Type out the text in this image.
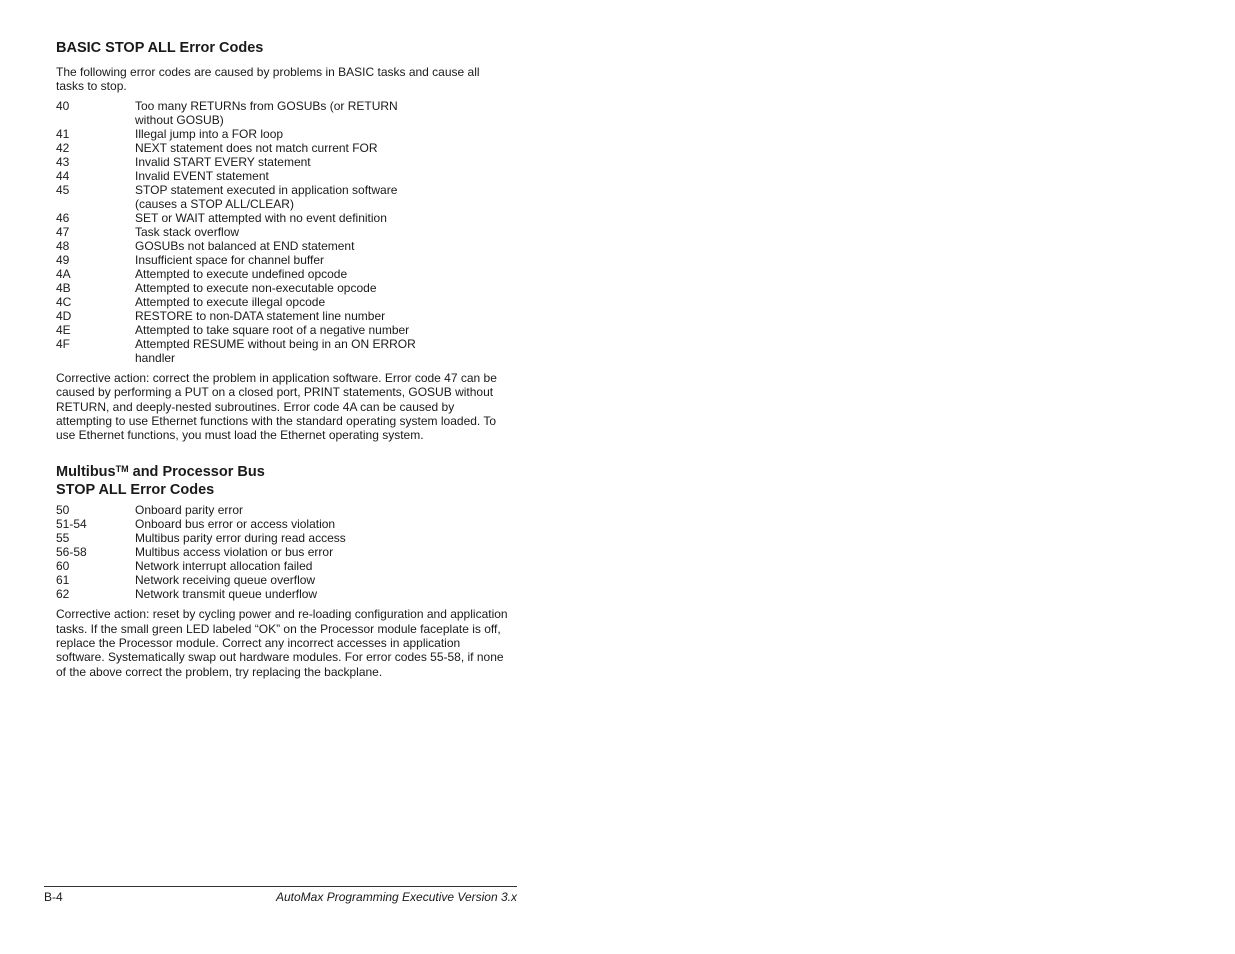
BASIC STOP ALL Error Codes

The following error codes are caused by problems in BASIC tasks and cause all tasks to stop.

40	Too many RETURNs from GOSUBs (or RETURN without GOSUB)
41	Illegal jump into a FOR loop
42	NEXT statement does not match current FOR
43	Invalid START EVERY statement
44	Invalid EVENT statement
45	STOP statement executed in application software (causes a STOP ALL/CLEAR)
46	SET or WAIT attempted with no event definition
47	Task stack overflow
48	GOSUBs not balanced at END statement
49	Insufficient space for channel buffer
4A	Attempted to execute undefined opcode
4B	Attempted to execute non-executable opcode
4C	Attempted to execute illegal opcode
4D	RESTORE to non-DATA statement line number
4E	Attempted to take square root of a negative number
4F	Attempted RESUME without being in an ON ERROR handler

Corrective action: correct the problem in application software. Error code 47 can be caused by performing a PUT on a closed port, PRINT statements, GOSUB without RETURN, and deeply-nested subroutines. Error code 4A can be caused by attempting to use Ethernet functions with the standard operating system loaded. To use Ethernet functions, you must load the Ethernet operating system.

Multibus™ and Processor Bus
STOP ALL Error Codes
50	Onboard parity error
51-54	Onboard bus error or access violation
55	Multibus parity error during read access
56-58	Multibus access violation or bus error
60	Network interrupt allocation failed
61	Network receiving queue overflow
62	Network transmit queue underflow

Corrective action: reset by cycling power and re-loading configuration and application tasks. If the small green LED labeled “OK” on the Processor module faceplate is off, replace the Processor module. Correct any incorrect accesses in application software. Systematically swap out hardware modules. For error codes 55-58, if none of the above correct the problem, try replacing the backplane.

B-4	AutoMax Programming Executive Version 3.x
